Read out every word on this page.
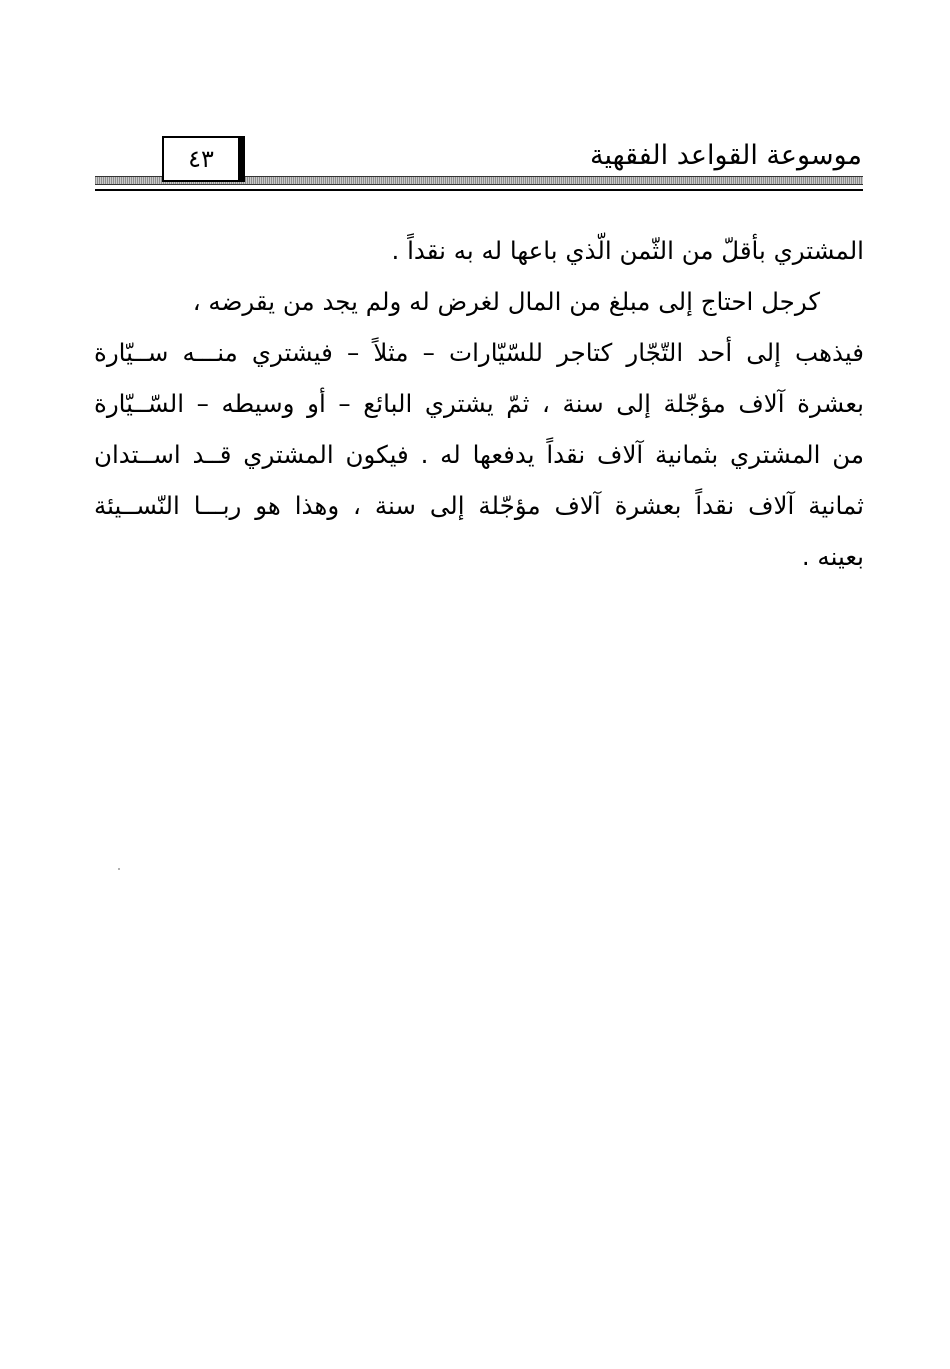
موسوعة القواعد الفقهية
٤٣
المشتري بأقلّ من الثّمن الّذي باعها له به نقداً .
كرجل احتاج إلى مبلغ من المال لغرض له ولم يجد من يقرضه ،
فيذهب إلى أحد التّجّار كتاجر للسّيّارات – مثلاً – فيشتري منـــه ســيّارة
بعشرة آلاف مؤجّلة إلى سنة ، ثمّ يشتري البائع – أو وسيطه – السّــيّارة
من المشتري بثمانية آلاف نقداً يدفعها له . فيكون المشتري قــد اســتدان
ثمانية آلاف نقداً بعشرة آلاف مؤجّلة إلى سنة ، وهذا هو ربـــا النّســيئة
بعينه .
